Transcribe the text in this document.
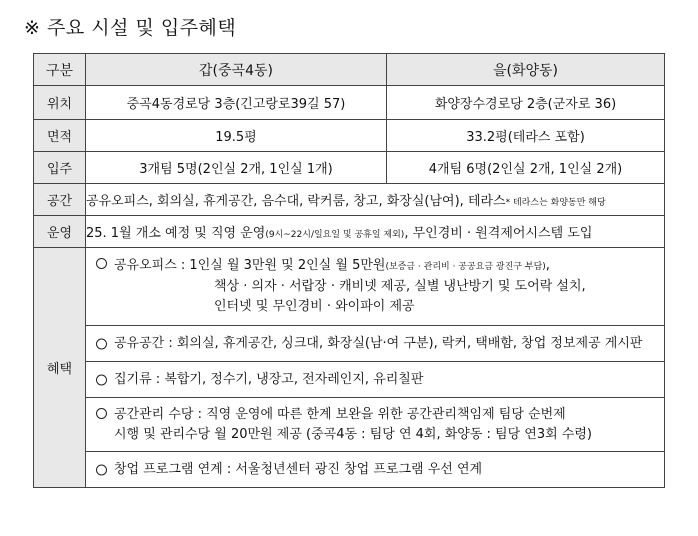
※ 주요 시설 및 입주혜택
구분	갑(중곡4동)	을(화양동)
위치	중곡4동경로당 3층(긴고랑로39길 57)	화양장수경로당 2층(군자로 36)
면적	19.5평	33.2평(테라스 포함)
입주	3개팀 5명(2인실 2개, 1인실 1개)	4개팀 6명(2인실 2개, 1인실 2개)
공간	공유오피스, 회의실, 휴게공간, 음수대, 락커룸, 창고, 화장실(남여), 테라스* 테라스는 화양동만 해당	
운영	25. 1월 개소 예정 및 직영 운영(9시~22시/일요일 및 공휴일 제외), 무인경비 · 원격제어시스템 도입	
혜택	공유오피스 : 1인실 월 3만원 및 2인실 월 5만원(보증금 · 관리비 · 공공요금 광진구 부담),
책상 · 의자 · 서랍장 · 캐비넷 제공, 실별 냉난방기 및 도어락 설치,
인터넷 및 무인경비 · 와이파이 제공	

공유공간 : 회의실, 휴게공간, 싱크대, 화장실(남·여 구분), 락커, 택배함, 창업 정보제공 게시판	

집기류 : 복합기, 정수기, 냉장고, 전자레인지, 유리칠판	

공간관리 수당 : 직영 운영에 따른 한계 보완을 위한 공간관리책임제 팀당 순번제
시행 및 관리수당 월 20만원 제공 (중곡4동 : 팀당 연 4회, 화양동 : 팀당 연3회 수령)	

창업 프로그램 연계 : 서울청년센터 광진 창업 프로그램 우선 연계	
